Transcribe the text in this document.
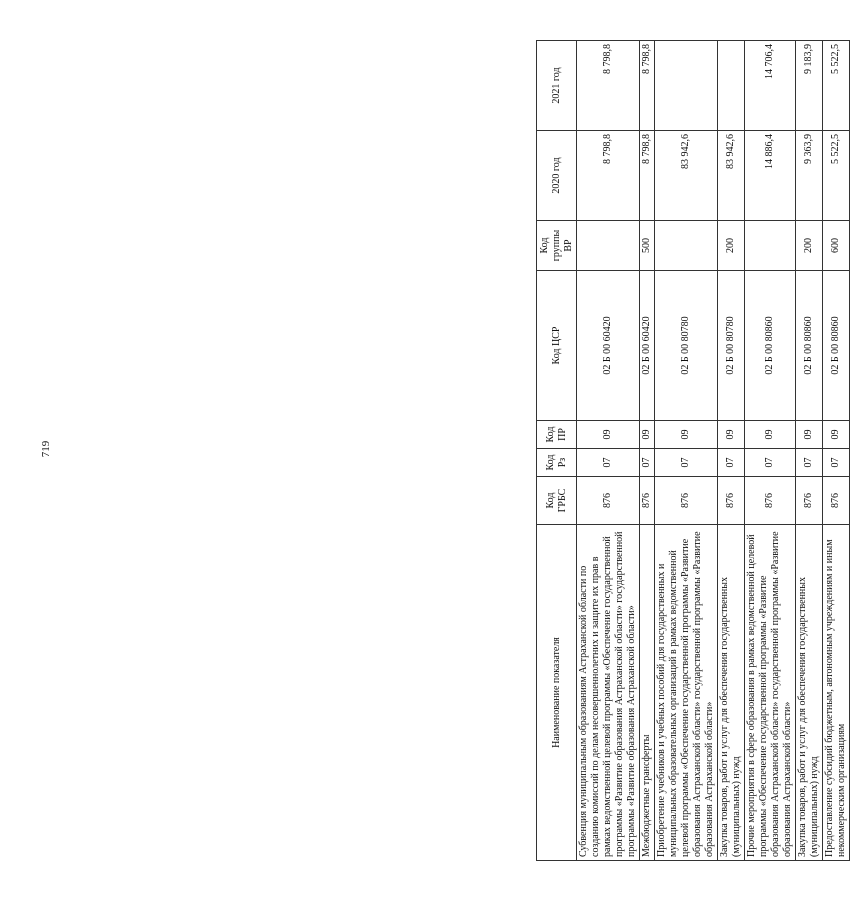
719
Наименование показателя	Код ГРБС	Код Рз	Код ПР	Код ЦСР	Код группы ВР	2020 год	2021 год
Субвенция муниципальным образованиям Астраханской области по созданию комиссий по делам несовершеннолетних и защите их прав в рамках ведомственной целевой программы «Обеспечение государственной программы «Развитие образования Астраханской области» государственной программы «Развитие образования Астраханской области»	876	07	09	02 Б 00 60420		8 798,8	8 798,8
Межбюджетные трансферты	876	07	09	02 Б 00 60420	500	8 798,8	8 798,8
Приобретение учебников и учебных пособий для государственных и муниципальных образовательных организаций в рамках ведомственной целевой программы «Обеспечение государственной программы «Развитие образования Астраханской области» государственной программы «Развитие образования Астраханской области»	876	07	09	02 Б 00 80780		83 942,6	
Закупка товаров, работ и услуг для обеспечения государственных (муниципальных) нужд	876	07	09	02 Б 00 80780	200	83 942,6	
Прочие мероприятия в сфере образования в рамках ведомственной целевой программы «Обеспечение государственной программы «Развитие образования Астраханской области» государственной программы «Развитие образования Астраханской области»	876	07	09	02 Б 00 80860		14 886,4	14 706,4
Закупка товаров, работ и услуг для обеспечения государственных (муниципальных) нужд	876	07	09	02 Б 00 80860	200	9 363,9	9 183,9
Предоставление субсидий бюджетным, автономным учреждениям и иным некоммерческим организациям	876	07	09	02 Б 00 80860	600	5 522,5	5 522,5
